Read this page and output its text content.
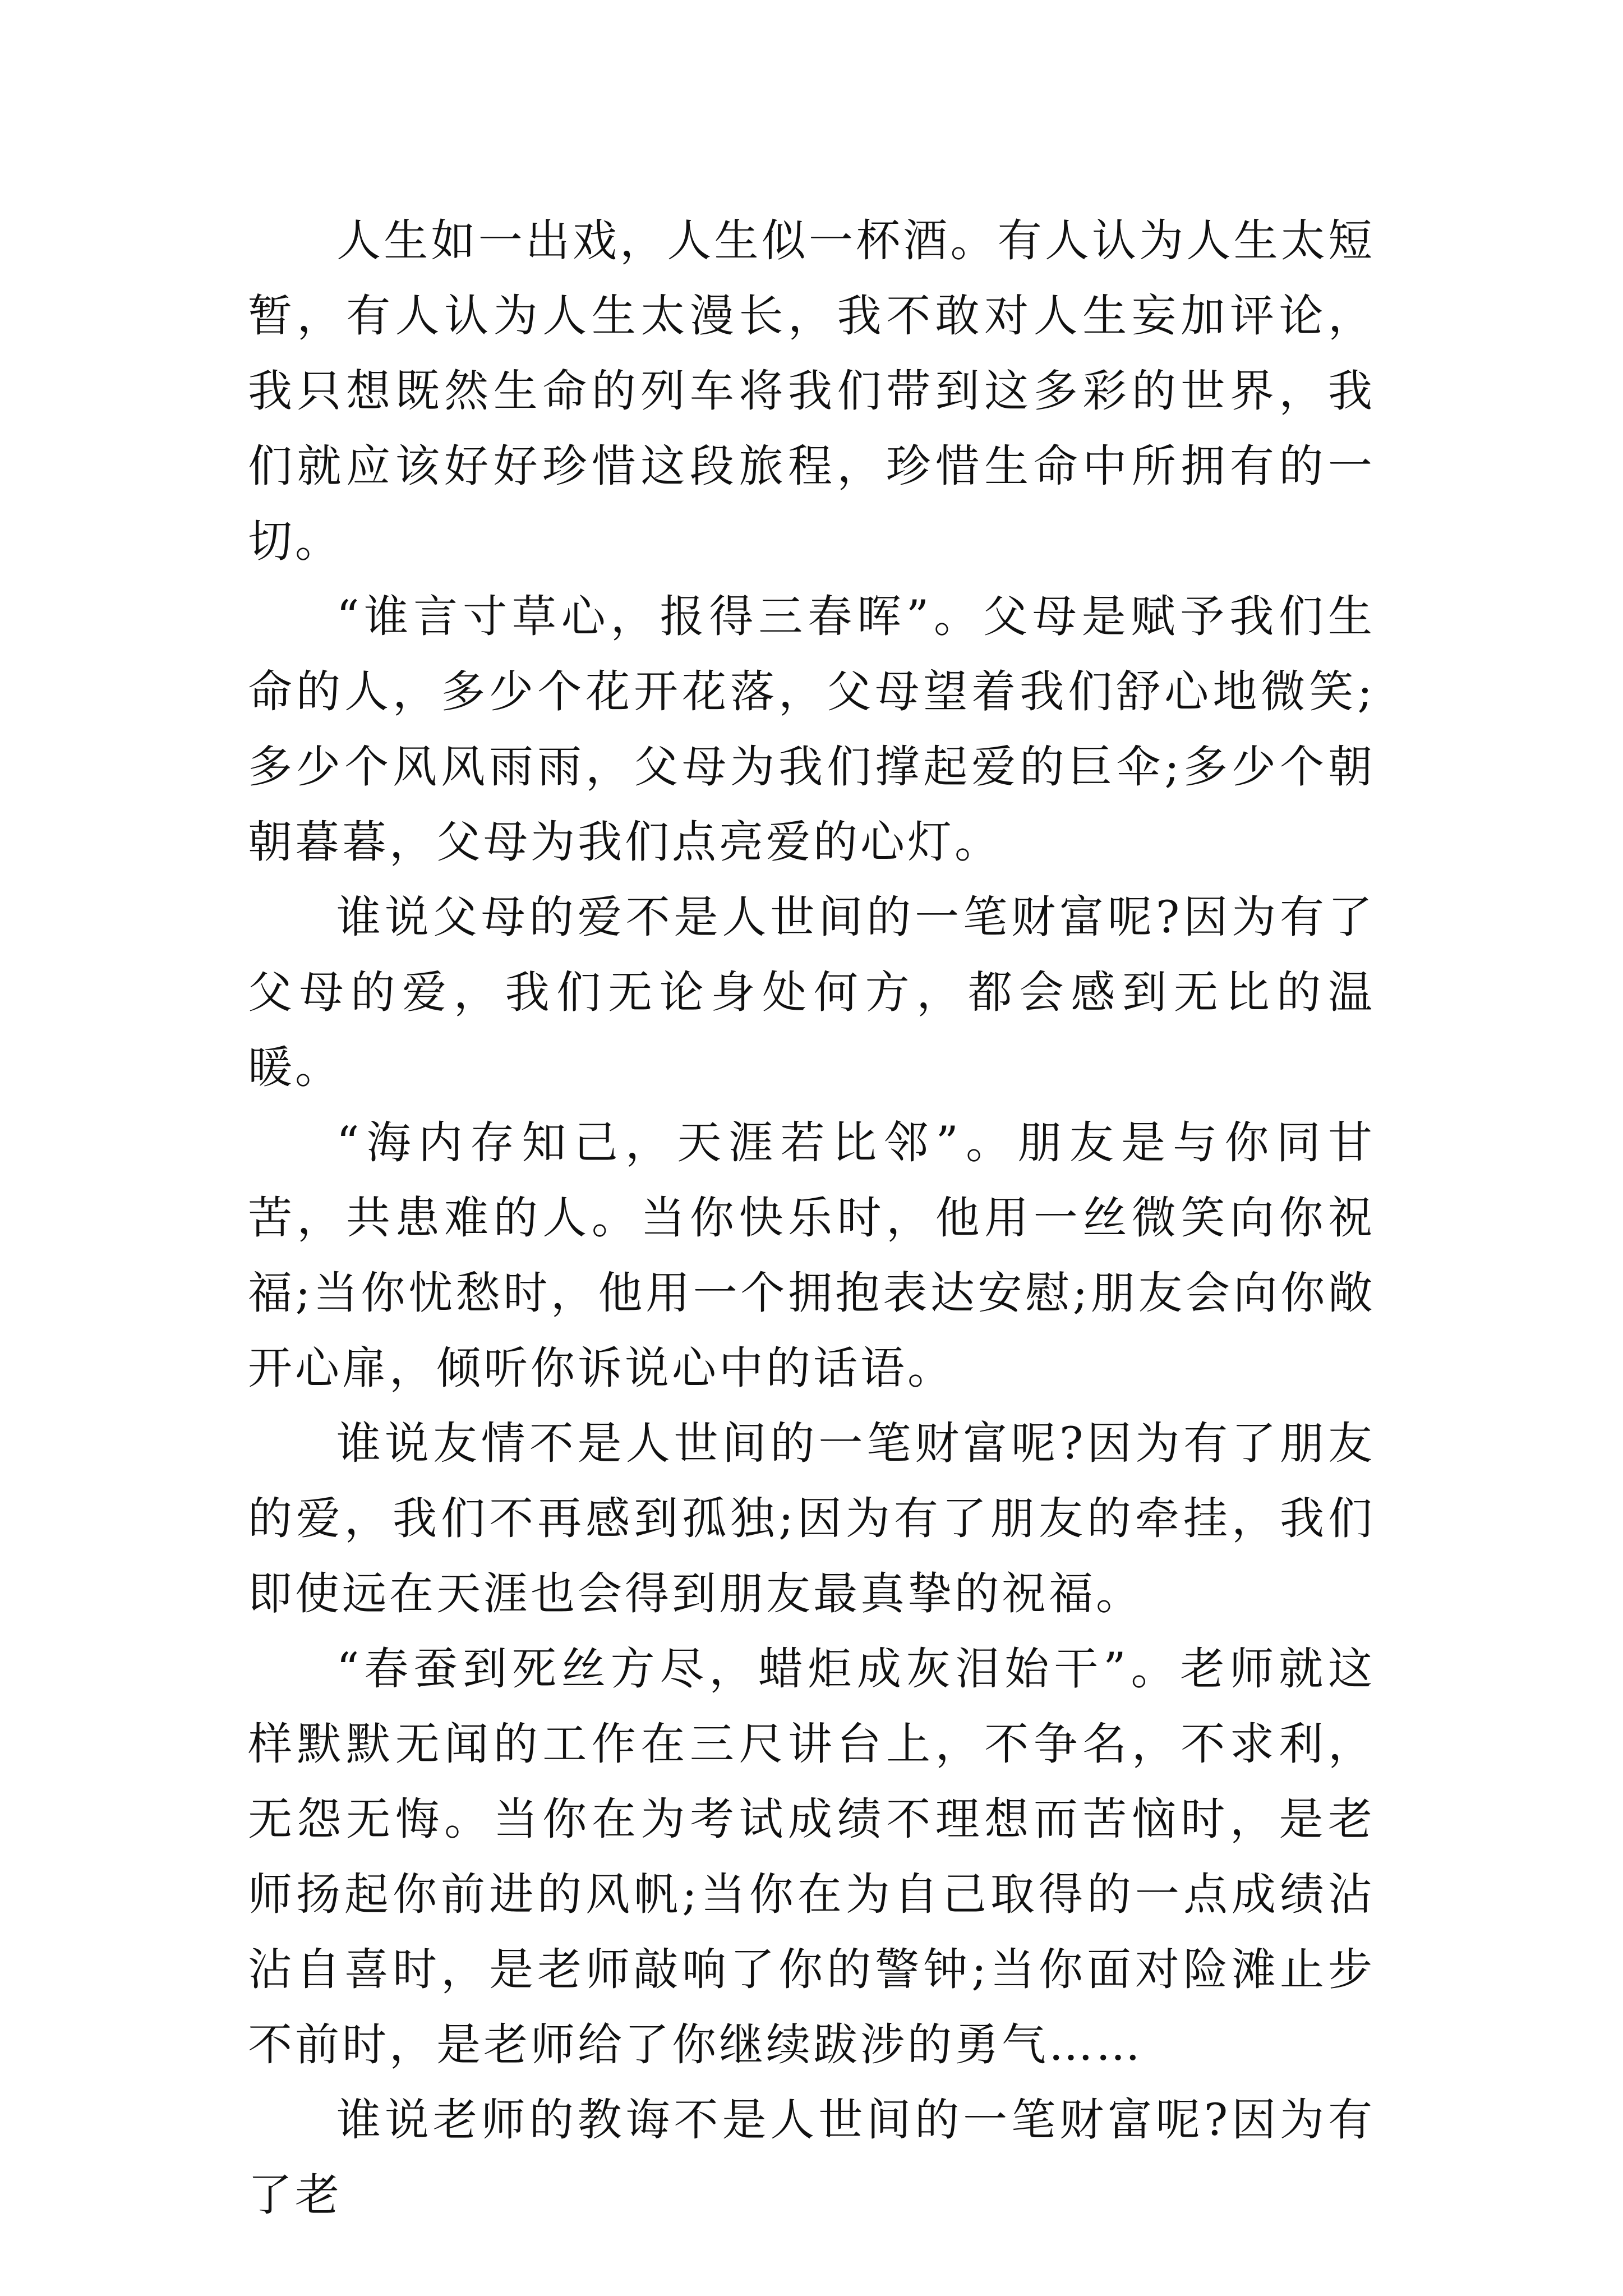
人生如一出戏，人生似一杯酒。有人认为人生太短暂，有人认为人生太漫长，我不敢对人生妄加评论，我只想既然生命的列车将我们带到这多彩的世界，我们就应该好好珍惜这段旅程，珍惜生命中所拥有的一切。

“谁言寸草心，报得三春晖”。父母是赋予我们生命的人，多少个花开花落，父母望着我们舒心地微笑;多少个风风雨雨，父母为我们撑起爱的巨伞;多少个朝朝暮暮，父母为我们点亮爱的心灯。

谁说父母的爱不是人世间的一笔财富呢?因为有了父母的爱，我们无论身处何方，都会感到无比的温暖。

“海内存知己，天涯若比邻”。朋友是与你同甘苦，共患难的人。当你快乐时，他用一丝微笑向你祝福;当你忧愁时，他用一个拥抱表达安慰;朋友会向你敞开心扉，倾听你诉说心中的话语。

谁说友情不是人世间的一笔财富呢?因为有了朋友的爱，我们不再感到孤独;因为有了朋友的牵挂，我们即使远在天涯也会得到朋友最真挚的祝福。

“春蚕到死丝方尽，蜡炬成灰泪始干”。老师就这样默默无闻的工作在三尺讲台上，不争名，不求利，无怨无悔。当你在为考试成绩不理想而苦恼时，是老师扬起你前进的风帆;当你在为自己取得的一点成绩沾沾自喜时，是老师敲响了你的警钟;当你面对险滩止步不前时，是老师给了你继续跋涉的勇气……

谁说老师的教诲不是人世间的一笔财富呢?因为有了老
